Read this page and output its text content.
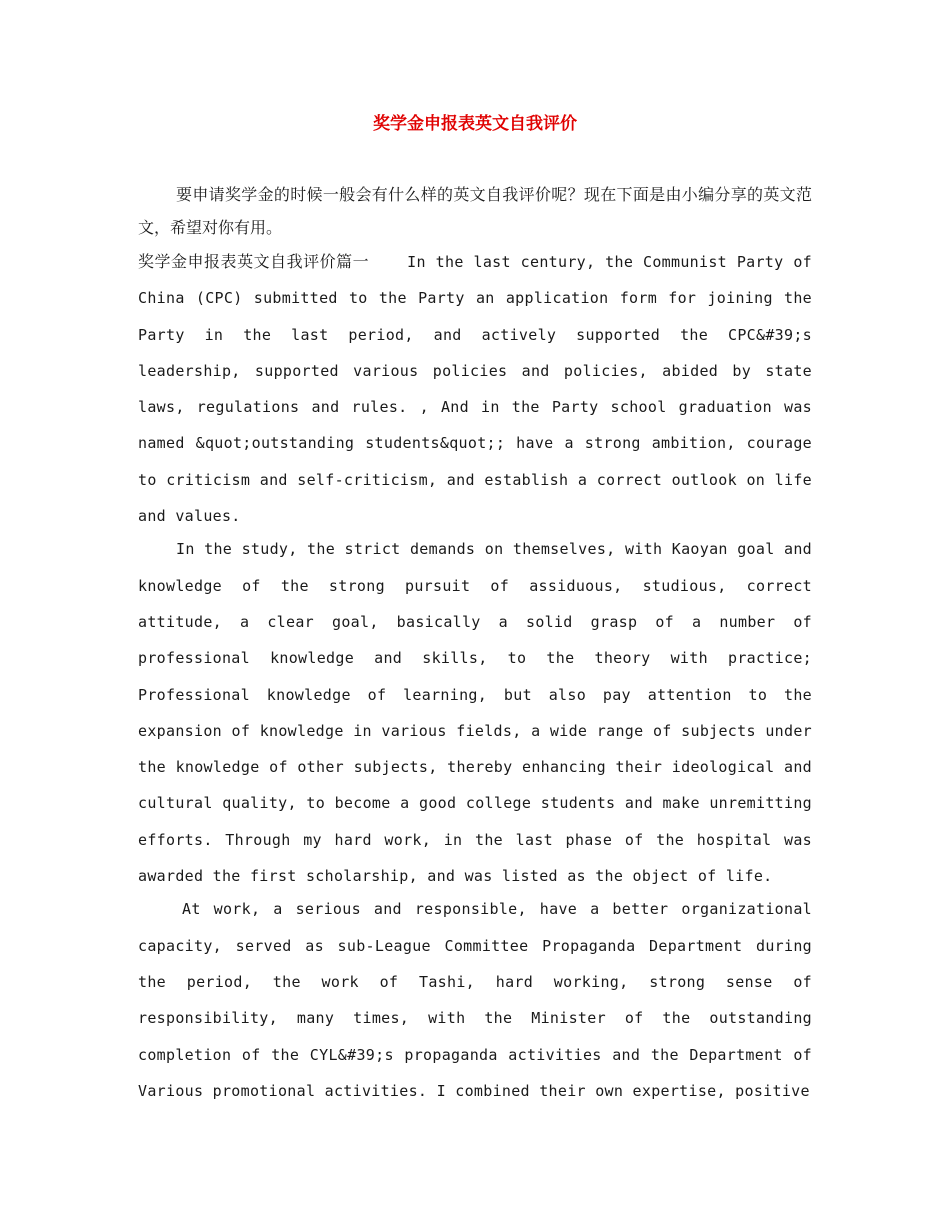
奖学金申报表英文自我评价

要申请奖学金的时候一般会有什么样的英文自我评价呢？现在下面是由小编分享的英文范文，希望对你有用。

奖学金申报表英文自我评价篇一	In the last century, the Communist Party of China (CPC) submitted to the Party an application form for joining the Party in the last period, and actively supported the CPC&#39;s leadership, supported various policies and policies, abided by state laws, regulations and rules. , And in the Party school graduation was named &quot;outstanding students&quot;; have a strong ambition, courage to criticism and self-criticism, and establish a correct outlook on life and values.

In the study, the strict demands on themselves, with Kaoyan goal and knowledge of the strong pursuit of assiduous, studious, correct attitude, a clear goal, basically a solid grasp of a number of professional knowledge and skills, to the theory with practice; Professional knowledge of learning, but also pay attention to the expansion of knowledge in various fields, a wide range of subjects under the knowledge of other subjects, thereby enhancing their ideological and cultural quality, to become a good college students and make unremitting efforts. Through my hard work, in the last phase of the hospital was awarded the first scholarship, and was listed as the object of life.

At work, a serious and responsible, have a better organizational capacity, served as sub-League Committee Propaganda Department during the period, the work of Tashi, hard working, strong sense of responsibility, many times, with the Minister of the outstanding completion of the CYL&#39;s propaganda activities and the Department of Various promotional activities. I combined their own expertise, positive
